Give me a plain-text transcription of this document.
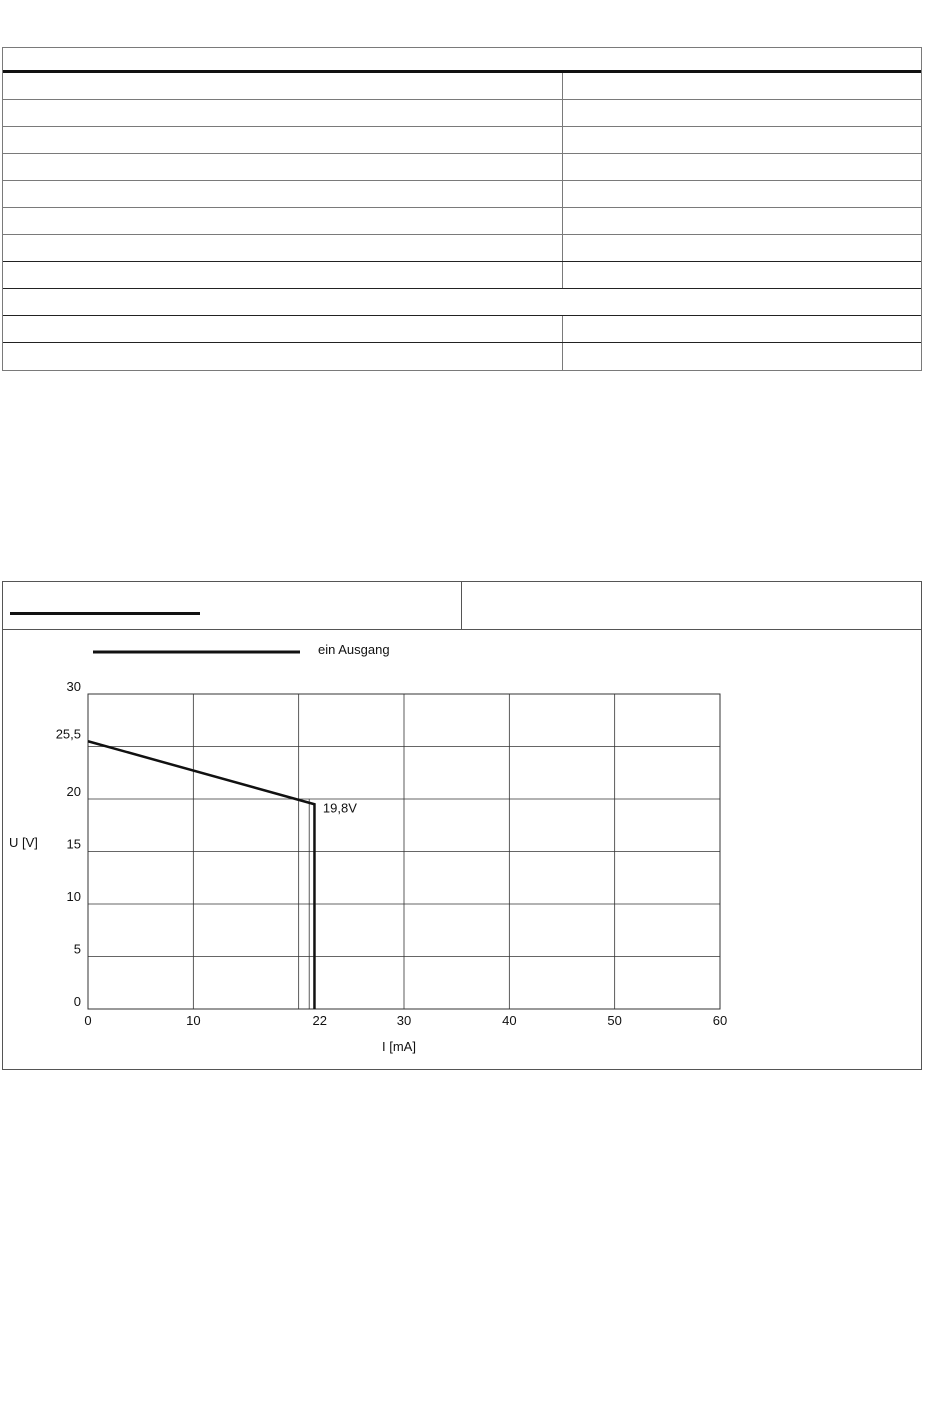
0	10	22	30	40	50	60
0
5
10
15
20
25,5
30
ein Ausgang
U [V]
I [mA]
19,8V
